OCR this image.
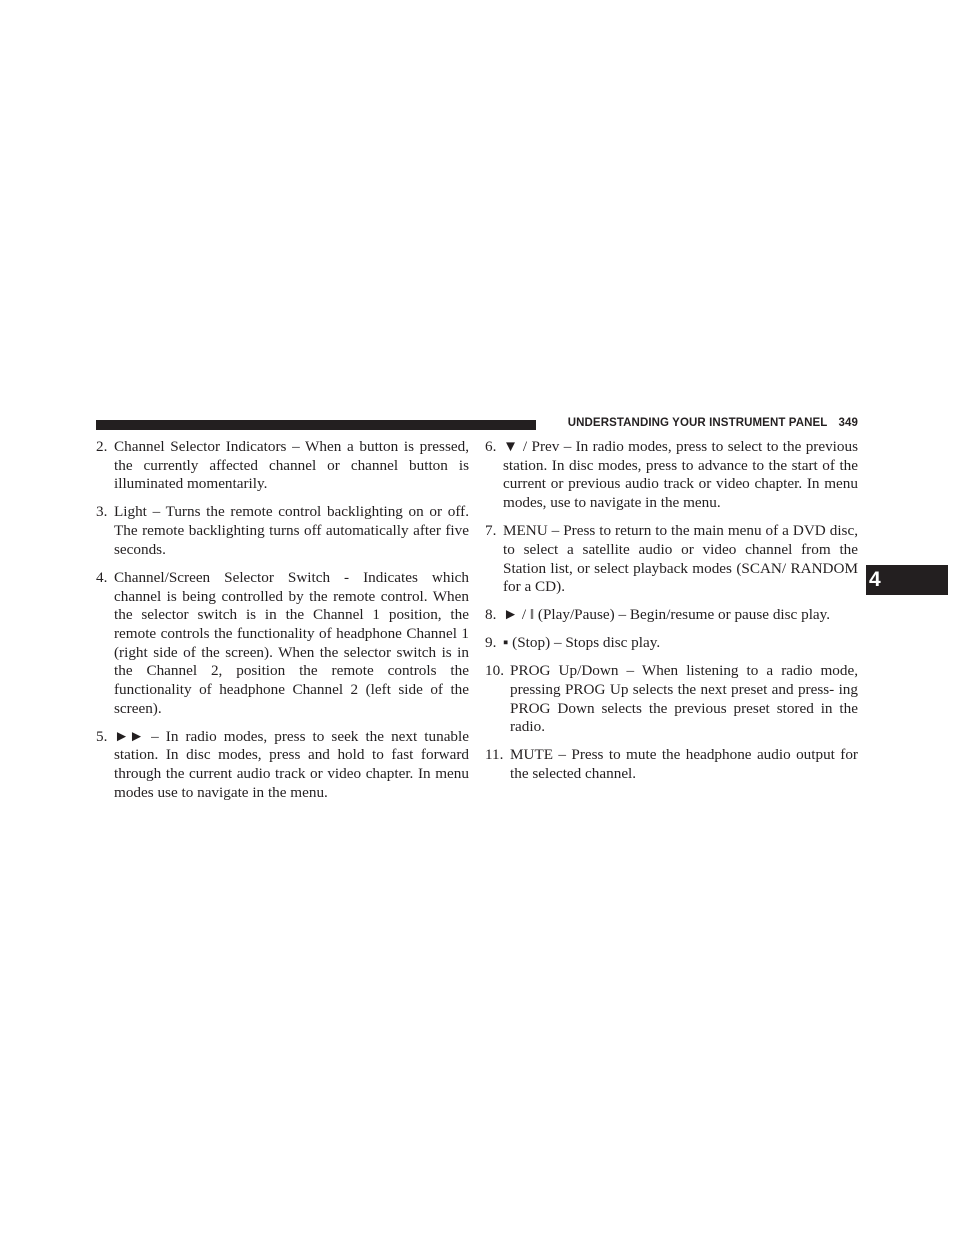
UNDERSTANDING YOUR INSTRUMENT PANEL 349
4
2. Channel Selector Indicators – When a button is pressed, the currently affected channel or channel button is illuminated momentarily.
3. Light – Turns the remote control backlighting on or off. The remote backlighting turns off automatically after five seconds.
4. Channel/Screen Selector Switch - Indicates which channel is being controlled by the remote control. When the selector switch is in the Channel 1 position, the remote controls the functionality of headphone Channel 1 (right side of the screen). When the selector switch is in the Channel 2, position the remote controls the functionality of headphone Channel 2 (left side of the screen).
5. ►► – In radio modes, press to seek the next tunable station. In disc modes, press and hold to fast forward through the current audio track or video chapter. In menu modes use to navigate in the menu.
6. ▼ / Prev – In radio modes, press to select to the previous station. In disc modes, press to advance to the start of the current or previous audio track or video chapter. In menu modes, use to navigate in the menu.
7. MENU – Press to return to the main menu of a DVD disc, to select a satellite audio or video channel from the Station list, or select playback modes (SCAN/ RANDOM for a CD).
8. ► / ‖ (Play/Pause) – Begin/resume or pause disc play.
9. ▪ (Stop) – Stops disc play.
10. PROG Up/Down – When listening to a radio mode, pressing PROG Up selects the next preset and press- ing PROG Down selects the previous preset stored in the radio.
11. MUTE – Press to mute the headphone audio output for the selected channel.
